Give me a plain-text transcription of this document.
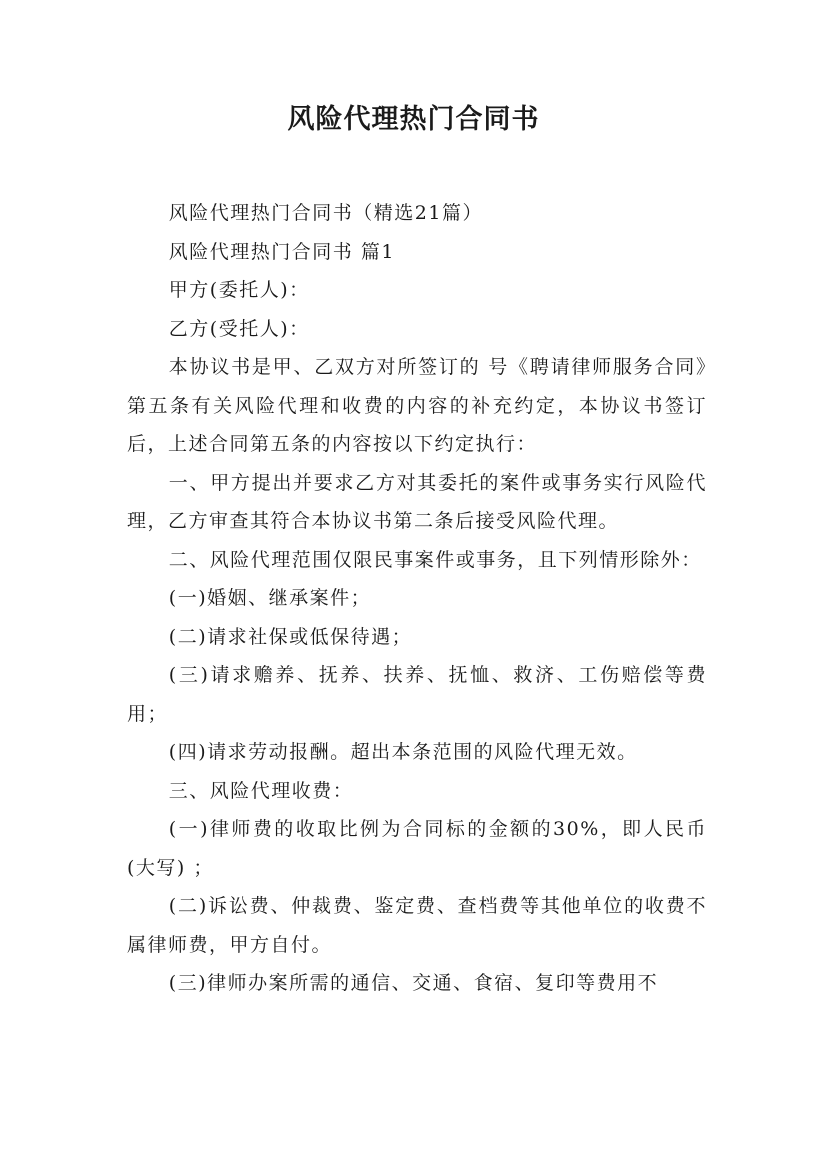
风险代理热门合同书

风险代理热门合同书（精选21篇）

风险代理热门合同书 篇1

甲方(委托人)：

乙方(受托人)：

本协议书是甲、乙双方对所签订的 号《聘请律师服务合同》第五条有关风险代理和收费的内容的补充约定，本协议书签订后，上述合同第五条的内容按以下约定执行：

一、甲方提出并要求乙方对其委托的案件或事务实行风险代理，乙方审查其符合本协议书第二条后接受风险代理。

二、风险代理范围仅限民事案件或事务，且下列情形除外：

(一)婚姻、继承案件；

(二)请求社保或低保待遇；

(三)请求赡养、抚养、扶养、抚恤、救济、工伤赔偿等费用；

(四)请求劳动报酬。超出本条范围的风险代理无效。

三、风险代理收费：

(一)律师费的收取比例为合同标的金额的30%，即人民币(大写) ；

(二)诉讼费、仲裁费、鉴定费、查档费等其他单位的收费不属律师费，甲方自付。

(三)律师办案所需的通信、交通、食宿、复印等费用不
